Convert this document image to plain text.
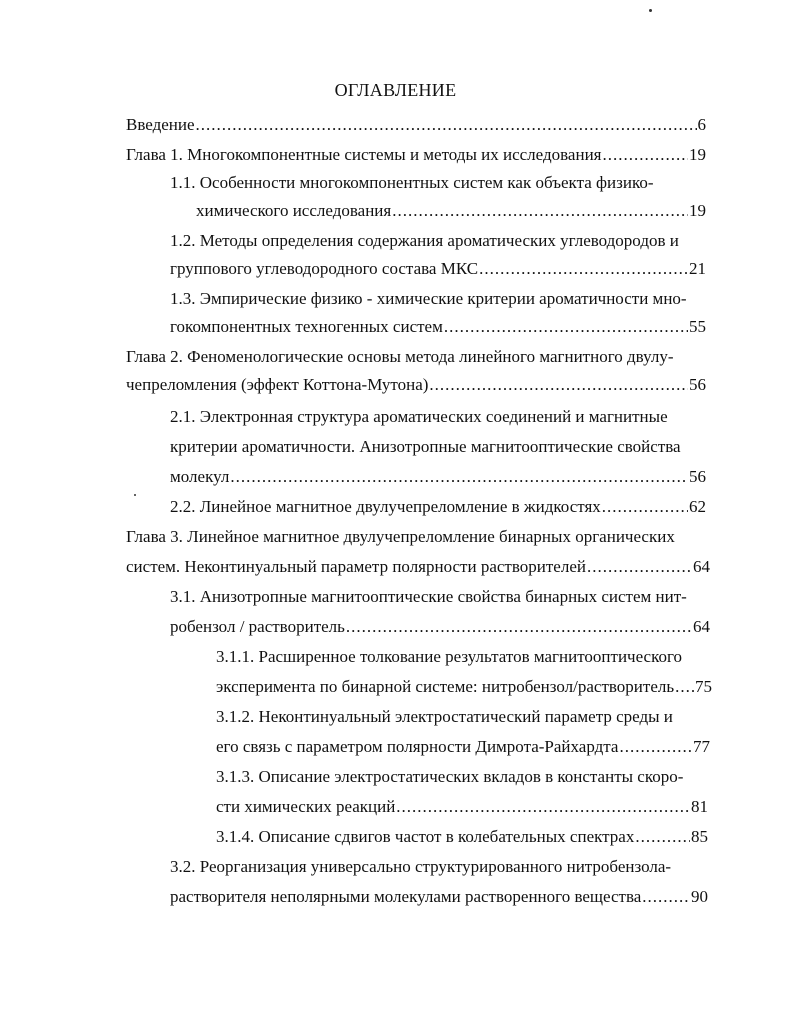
ОГЛАВЛЕНИЕ
Введение .....	6
Глава 1. Многокомпонентные системы и методы их исследования .....	19
1.1. Особенности многокомпонентных систем как объекта физико-
химического исследования .....	19
1.2. Методы определения содержания ароматических углеводородов и
группового углеводородного состава МКС .....	21
1.3. Эмпирические физико - химические критерии ароматичности мно-
гокомпонентных техногенных систем .....	55
Глава 2. Феноменологические основы метода линейного магнитного двулу-
чепреломления (эффект Коттона-Мутона) .....	56
2.1. Электронная структура ароматических соединений и магнитные
критерии ароматичности. Анизотропные магнитооптические свойства
молекул .....	56
2.2. Линейное магнитное двулучепреломление в жидкостях .....	62
Глава 3. Линейное магнитное двулучепреломление бинарных органических
систем. Неконтинуальный параметр полярности растворителей .....	64
3.1. Анизотропные магнитооптические свойства бинарных систем нит-
робензол / растворитель .....	64
3.1.1. Расширенное толкование результатов магнитооптического
эксперимента по бинарной системе: нитробензол/растворитель ..... 75
3.1.2. Неконтинуальный электростатический параметр среды и
его связь с параметром полярности Димрота-Райхардта .....	77
3.1.3. Описание электростатических вкладов в константы скоро-
сти химических реакций .....	81
3.1.4. Описание сдвигов частот в колебательных спектрах .....	85
3.2. Реорганизация универсально структурированного нитробензола-
растворителя неполярными молекулами растворенного вещества .....	90
